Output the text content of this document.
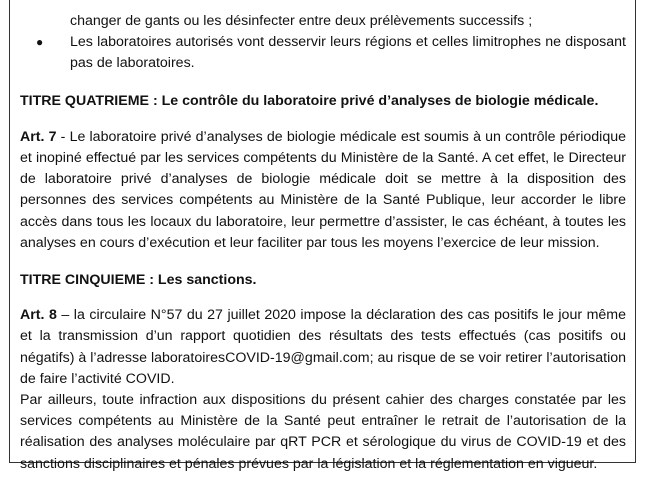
changer de gants ou les désinfecter entre deux prélèvements successifs ;
● Les laboratoires autorisés vont desservir leurs régions et celles limitrophes ne disposant pas de laboratoires.

TITRE QUATRIEME : Le contrôle du laboratoire privé d’analyses de biologie médicale.

Art. 7 - Le laboratoire privé d’analyses de biologie médicale est soumis à un contrôle périodique et inopiné effectué par les services compétents du Ministère de la Santé. A cet effet, le Directeur de laboratoire privé d’analyses de biologie médicale doit se mettre à la disposition des personnes des services compétents au Ministère de la Santé Publique, leur accorder le libre accès dans tous les locaux du laboratoire, leur permettre d’assister, le cas échéant, à toutes les analyses en cours d’exécution et leur faciliter par tous les moyens l’exercice de leur mission.

TITRE CINQUIEME : Les sanctions.

Art. 8 – la circulaire N°57 du 27 juillet 2020 impose la déclaration des cas positifs le jour même et la transmission d’un rapport quotidien des résultats des tests effectués (cas positifs ou négatifs) à l’adresse laboratoiresCOVID-19@gmail.com; au risque de se voir retirer l’autorisation de faire l’activité COVID.

Par ailleurs, toute infraction aux dispositions du présent cahier des charges constatée par les services compétents au Ministère de la Santé peut entraîner le retrait de l’autorisation de la réalisation des analyses moléculaire par qRT PCR et sérologique du virus de COVID-19 et des sanctions disciplinaires et pénales prévues par la législation et la réglementation en vigueur.
